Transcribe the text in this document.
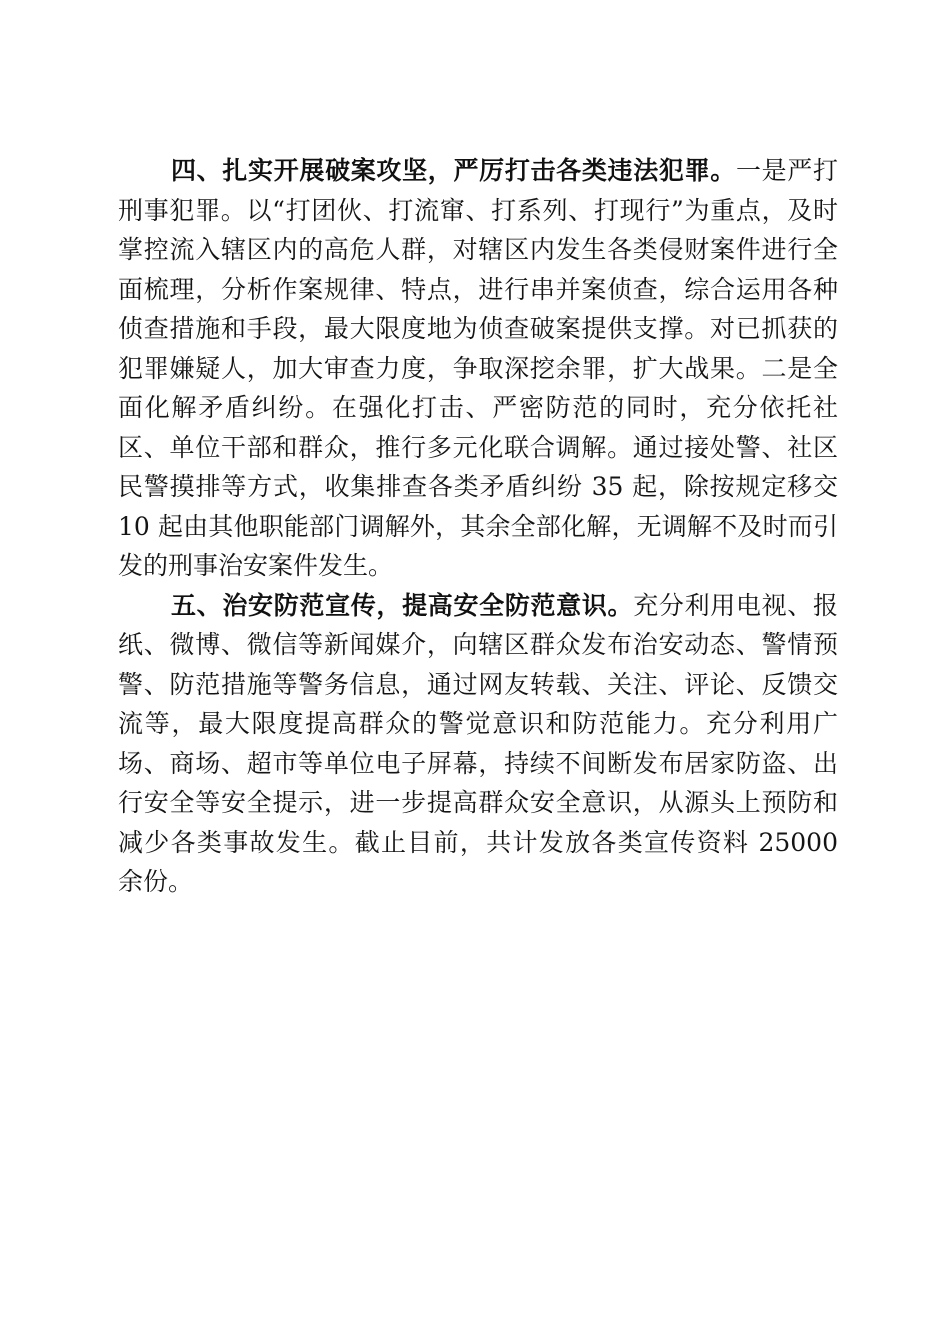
四、扎实开展破案攻坚，严厉打击各类违法犯罪。一是严打刑事犯罪。以“打团伙、打流窜、打系列、打现行”为重点，及时掌控流入辖区内的高危人群，对辖区内发生各类侵财案件进行全面梳理，分析作案规律、特点，进行串并案侦查，综合运用各种侦查措施和手段，最大限度地为侦查破案提供支撑。对已抓获的犯罪嫌疑人，加大审查力度，争取深挖余罪，扩大战果。二是全面化解矛盾纠纷。在强化打击、严密防范的同时，充分依托社区、单位干部和群众，推行多元化联合调解。通过接处警、社区民警摸排等方式，收集排查各类矛盾纠纷 35 起，除按规定移交 10 起由其他职能部门调解外，其余全部化解，无调解不及时而引发的刑事治安案件发生。

五、治安防范宣传，提高安全防范意识。充分利用电视、报纸、微博、微信等新闻媒介，向辖区群众发布治安动态、警情预警、防范措施等警务信息，通过网友转载、关注、评论、反馈交流等，最大限度提高群众的警觉意识和防范能力。充分利用广场、商场、超市等单位电子屏幕，持续不间断发布居家防盗、出行安全等安全提示，进一步提高群众安全意识，从源头上预防和减少各类事故发生。截止目前，共计发放各类宣传资料 25000 余份。
